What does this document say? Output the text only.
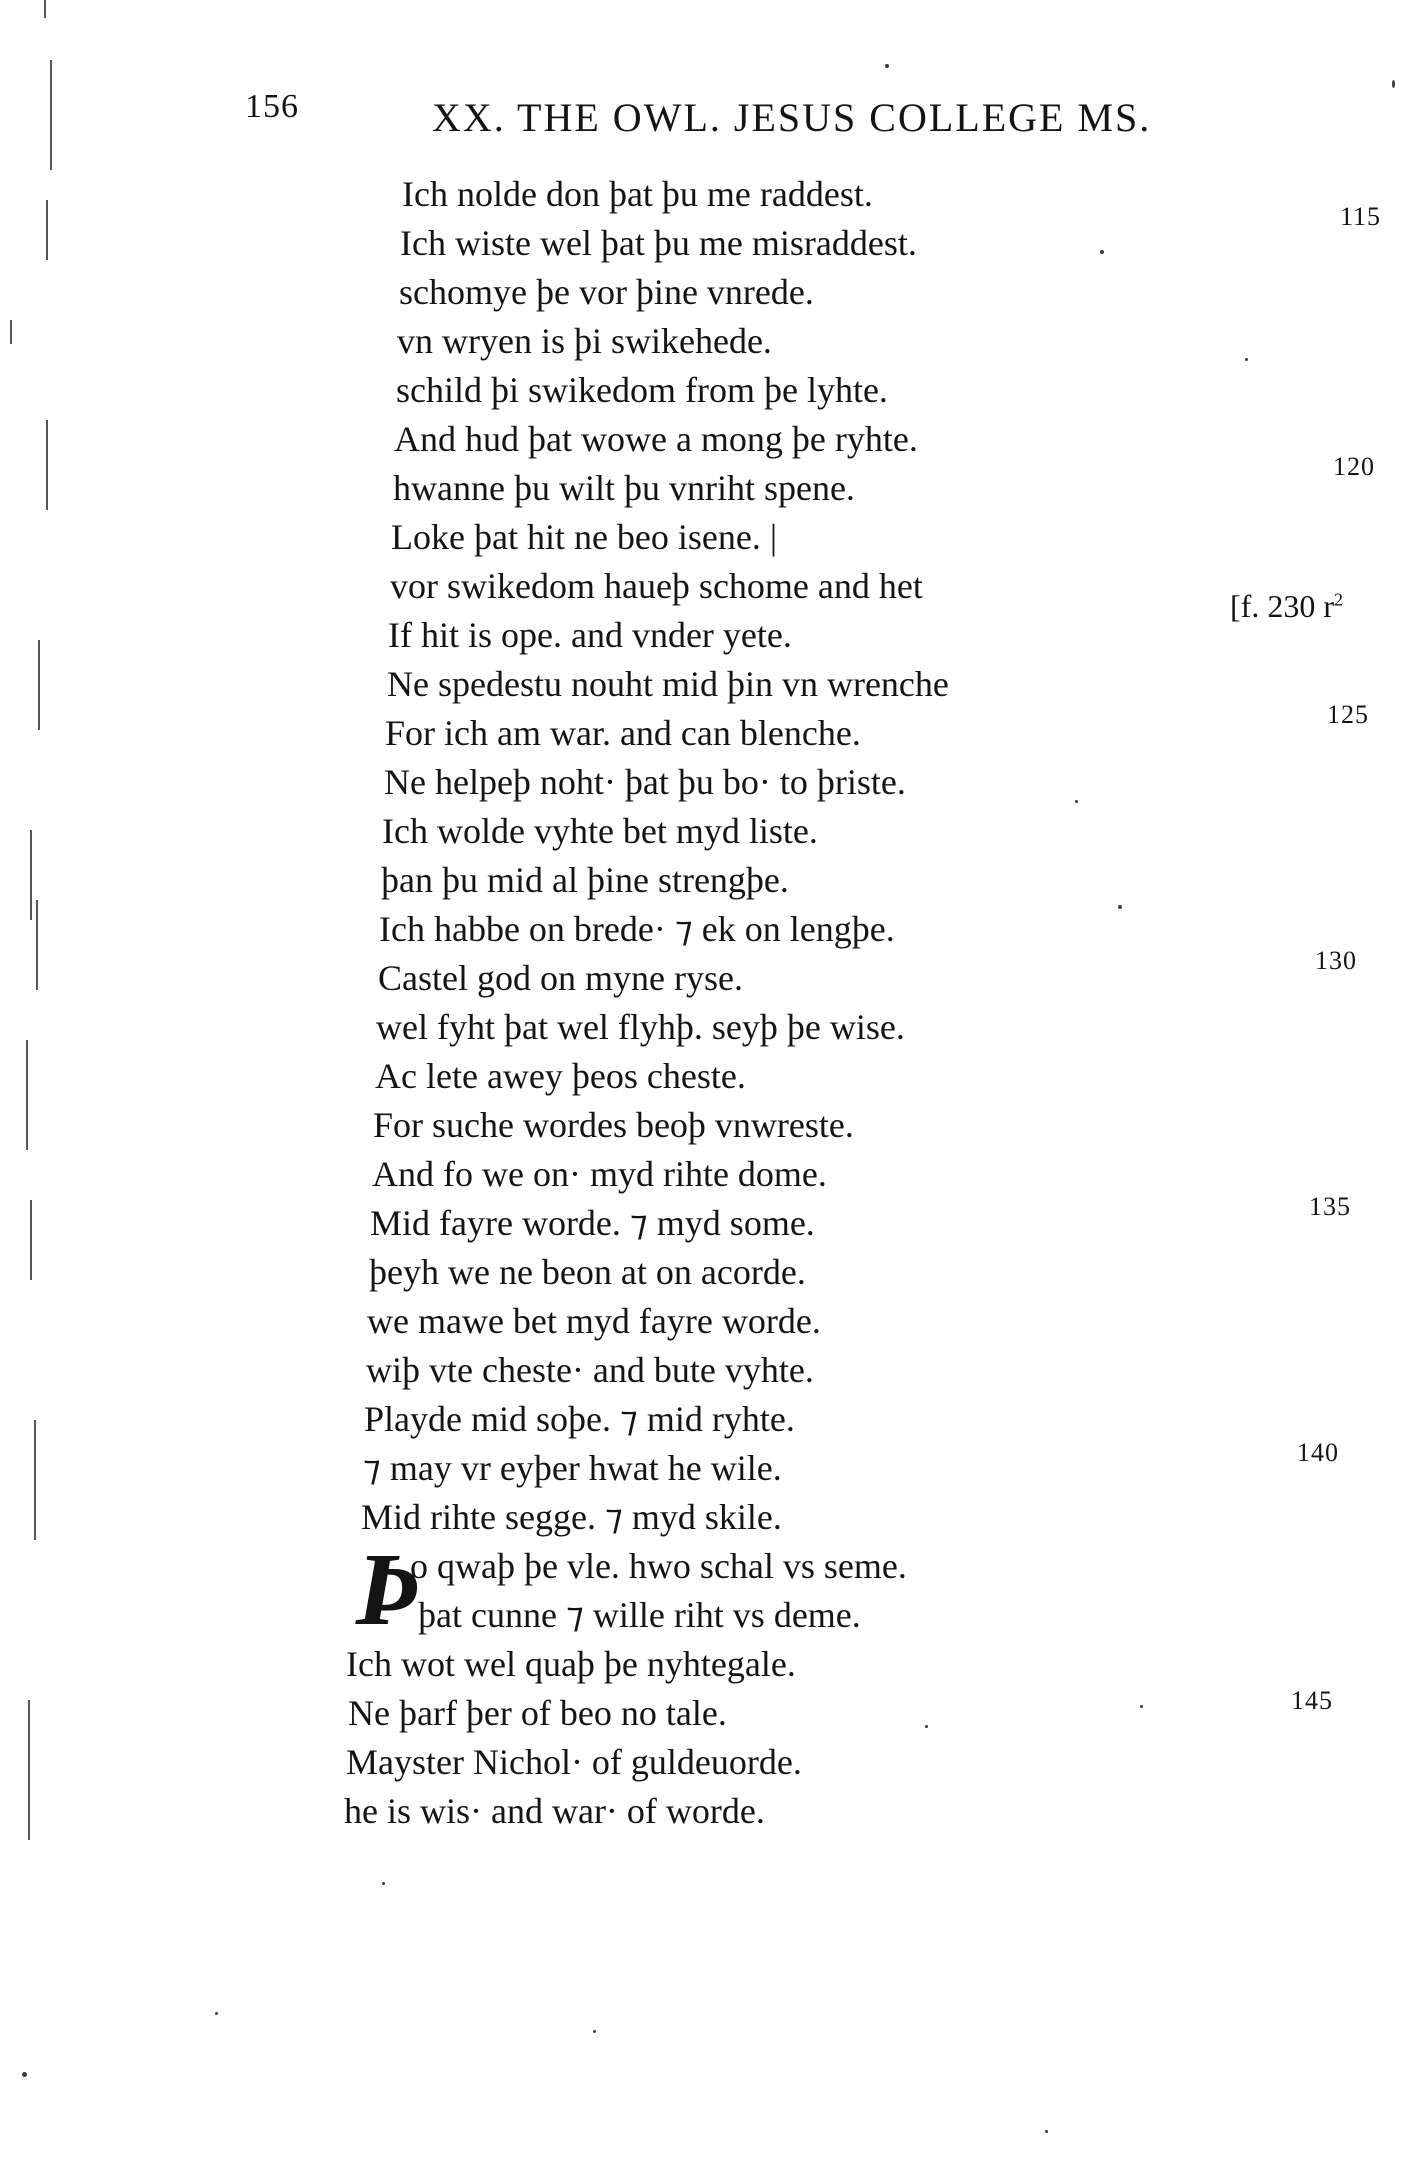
156	XX. THE OWL. JESUS COLLEGE MS.
[f. 230 $r^2$
Þ
Ich nolde don þat þu me raddest.
Ich wiste wel þat þu me misraddest.
schomye þe vor þine vnrede.
vn wryen is þi swikehede.
schild þi swikedom from þe lyhte.
And hud þat wowe a mong þe ryhte.
hwanne þu wilt þu vnriht spene.
Loke þat hit ne beo isene. |
vor swikedom haueþ schome and het
If hit is ope. and vnder yete.
Ne spedestu nouht mid þin vn wrenche
For ich am war. and can blenche.
Ne helpeþ noht· þat þu bo· to þriste.
Ich wolde vyhte bet myd liste.
þan þu mid al þine strengþe.
Ich habbe on brede· ⁊ ek on lengþe.
Castel god on myne ryse.
wel fyht þat wel flyhþ. seyþ þe wise.
Ac lete awey þeos cheste.
For suche wordes beoþ vnwreste.
And fo we on· myd rihte dome.
Mid fayre worde. ⁊ myd some.
þeyh we ne beon at on acorde.
we mawe bet myd fayre worde.
wiþ vte cheste· and bute vyhte.
Playde mid soþe. ⁊ mid ryhte.
⁊ may vr eyþer hwat he wile.
Mid rihte segge. ⁊ myd skile.
o qwaþ þe vle. hwo schal vs seme.
þat cunne ⁊ wille riht vs deme.
Ich wot wel quaþ þe nyhtegale.
Ne þarf þer of beo no tale.
Mayster Nichol· of guldeuorde.
he is wis· and war· of worde.
115
120
125
130
135
140
145
